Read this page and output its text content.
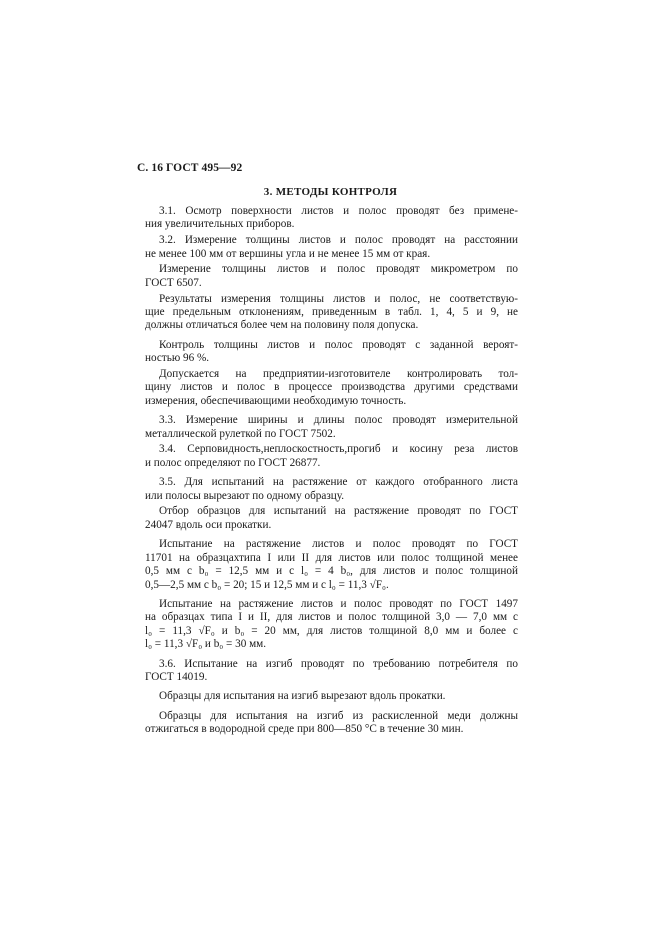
С. 16 ГОСТ 495—92
3. МЕТОДЫ КОНТРОЛЯ
3.1. Осмотр поверхности листов и полос проводят без примене-
ния увеличительных приборов.
3.2. Измерение толщины листов и полос проводят на расстоянии
не менее 100 мм от вершины угла и не менее 15 мм от края.
Измерение толщины листов и полос проводят микрометром по
ГОСТ 6507.
Результаты измерения толщины листов и полос, не соответствую-
щие предельным отклонениям, приведенным в табл. 1, 4, 5 и 9, не
должны отличаться более чем на половину поля допуска.
Контроль толщины листов и полос проводят с заданной вероят-
ностью 96 %.
Допускается на предприятии-изготовителе контролировать тол-
щину листов и полос в процессе производства другими средствами
измерения, обеспечивающими необходимую точность.
3.3. Измерение ширины и длины полос проводят измерительной
металлической рулеткой по ГОСТ 7502.
3.4. Серповидность,неплоскостность,прогиб и косину реза листов
и полос определяют по ГОСТ 26877.
3.5. Для испытаний на растяжение от каждого отобранного листа
или полосы вырезают по одному образцу.
Отбор образцов для испытаний на растяжение проводят по ГОСТ
24047 вдоль оси прокатки.
Испытание на растяжение листов и полос проводят по ГОСТ
11701 на образцахтипа I или II для листов или полос толщиной менее
0,5 мм с b₀ = 12,5 мм и с l₀ = 4 b₀, для листов и полос толщиной
0,5—2,5 мм с b₀ = 20; 15 и 12,5 мм и с l₀ = 11,3 √F₀.
Испытание на растяжение листов и полос проводят по ГОСТ 1497
на образцах типа I и II, для листов и полос толщиной 3,0 — 7,0 мм с
l₀ = 11,3 √F₀ и b₀ = 20 мм, для листов толщиной 8,0 мм и более с
l₀ = 11,3 √F₀ и b₀ = 30 мм.
3.6. Испытание на изгиб проводят по требованию потребителя по
ГОСТ 14019.
Образцы для испытания на изгиб вырезают вдоль прокатки.
Образцы для испытания на изгиб из раскисленной меди должны
отжигаться в водородной среде при 800—850 °С в течение 30 мин.
